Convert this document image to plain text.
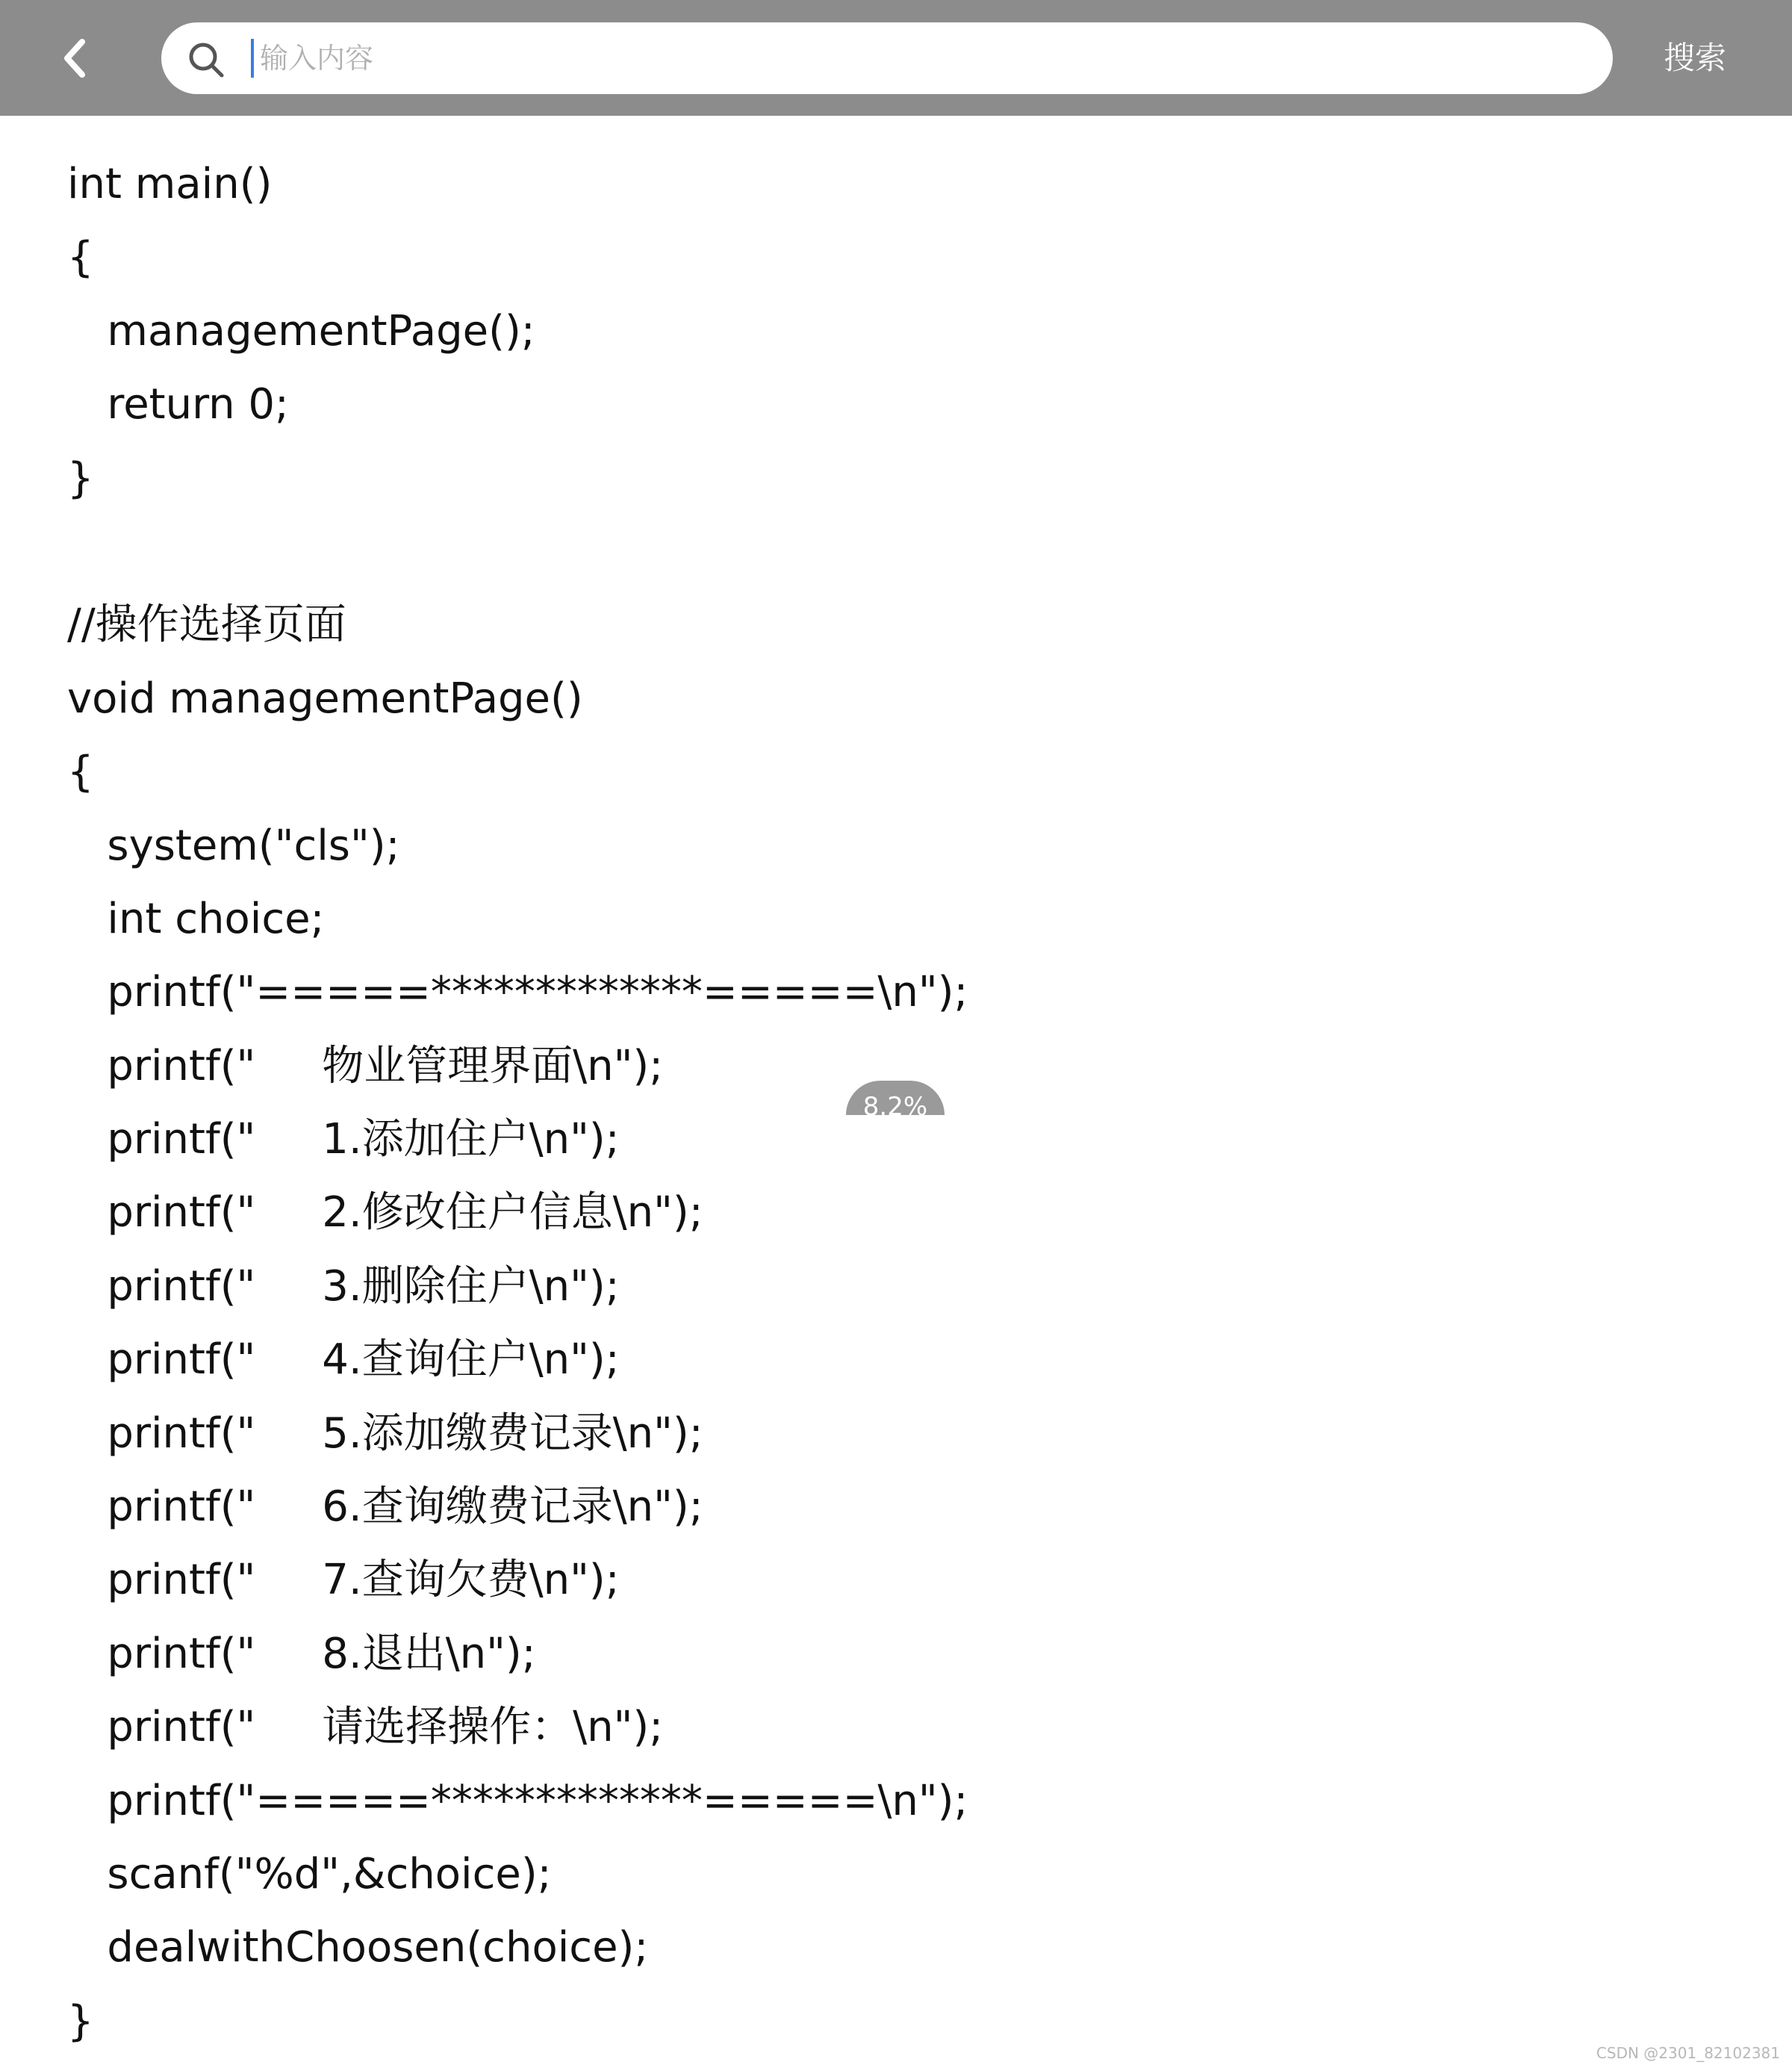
输入内容
搜索
int main()
{
managementPage();
return 0;
}
//操作选择页面
void managementPage()
{
system("cls");
int choice;
printf("=====*************=====\n");
printf("     物业管理界面\n");
printf("     1.添加住户\n");
printf("     2.修改住户信息\n");
printf("     3.删除住户\n");
printf("     4.查询住户\n");
printf("     5.添加缴费记录\n");
printf("     6.查询缴费记录\n");
printf("     7.查询欠费\n");
printf("     8.退出\n");
printf("     请选择操作：\n");
printf("=====*************=====\n");
scanf("%d",&choice);
dealwithChoosen(choice);
}
8.2%
CSDN @2301_82102381
